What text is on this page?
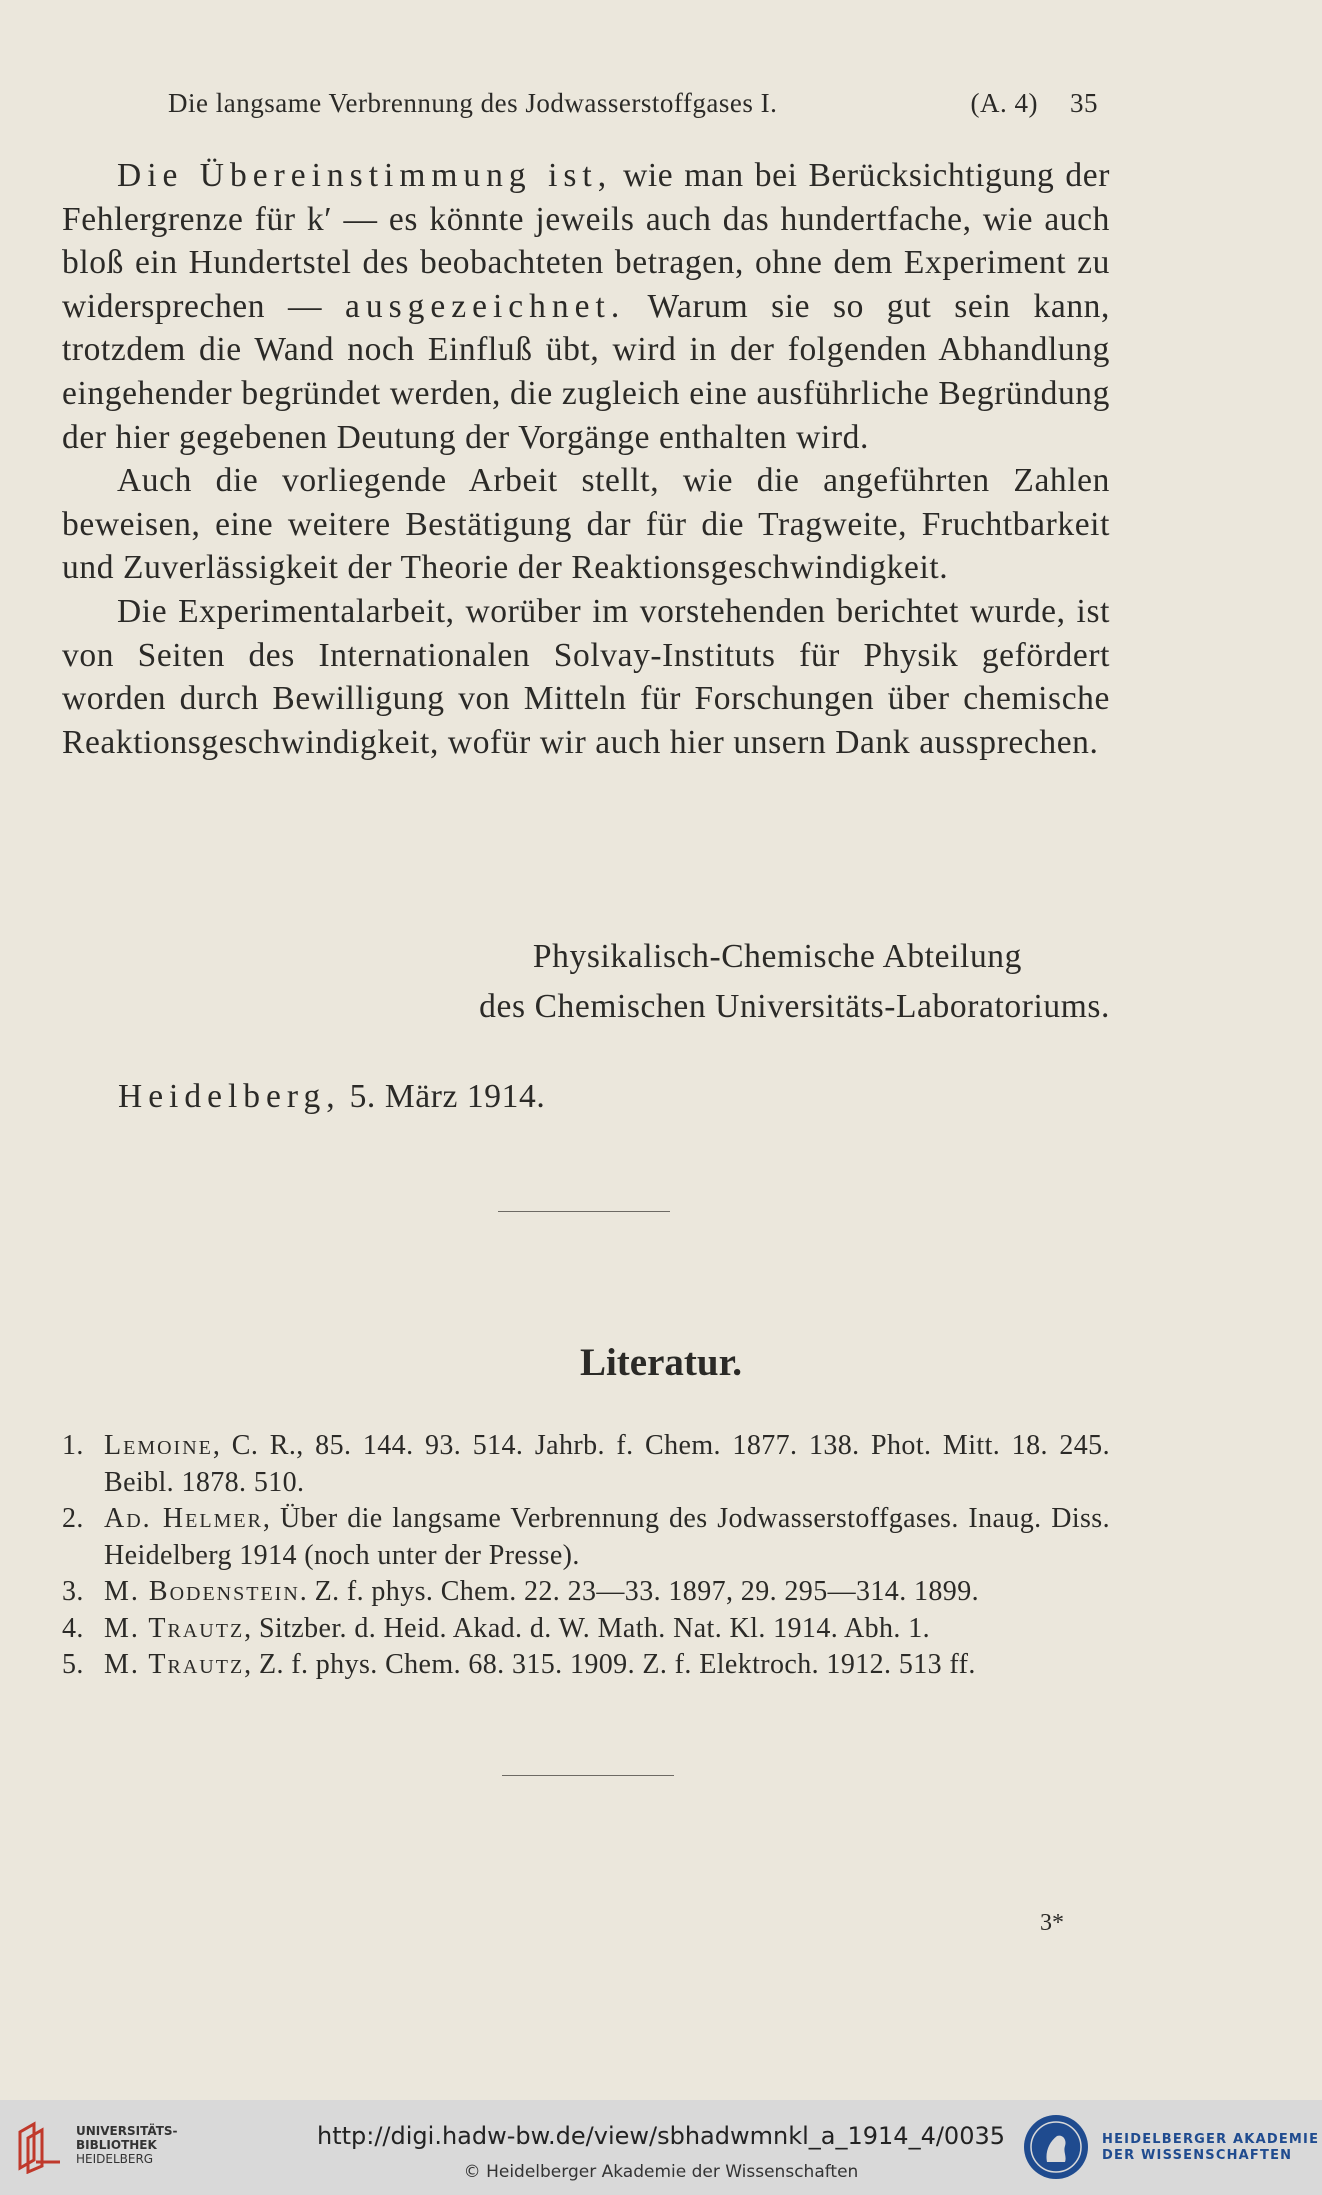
Die langsame Verbrennung des Jodwasserstoffgases I.	(A. 4) 35

Die Übereinstimmung ist, wie man bei Berücksichtigung der Fehlergrenze für k′ — es könnte jeweils auch das hundertfache, wie auch bloß ein Hundertstel des beobachteten betragen, ohne dem Experiment zu widersprechen — ausgezeichnet. Warum sie so gut sein kann, trotzdem die Wand noch Einfluß übt, wird in der folgenden Abhandlung eingehender begründet werden, die zugleich eine ausführliche Begründung der hier gegebenen Deutung der Vorgänge enthalten wird.

Auch die vorliegende Arbeit stellt, wie die angeführten Zahlen beweisen, eine weitere Bestätigung dar für die Tragweite, Fruchtbarkeit und Zuverlässigkeit der Theorie der Reaktionsgeschwindigkeit.

Die Experimentalarbeit, worüber im vorstehenden berichtet wurde, ist von Seiten des Internationalen Solvay-Instituts für Physik gefördert worden durch Bewilligung von Mitteln für Forschungen über chemische Reaktionsgeschwindigkeit, wofür wir auch hier unsern Dank aussprechen.

Physikalisch-Chemische Abteilung
des Chemischen Universitäts-Laboratoriums.
Heidelberg, 5. März 1914.
Literatur.
1. Lemoine, C. R., 85. 144. 93. 514. Jahrb. f. Chem. 1877. 138. Phot. Mitt. 18. 245. Beibl. 1878. 510.
2. Ad. Helmer, Über die langsame Verbrennung des Jodwasserstoffgases. Inaug. Diss. Heidelberg 1914 (noch unter der Presse).
3. M. Bodenstein. Z. f. phys. Chem. 22. 23—33. 1897, 29. 295—314. 1899.
4. M. Trautz, Sitzber. d. Heid. Akad. d. W. Math. Nat. Kl. 1914. Abh. 1.
5. M. Trautz, Z. f. phys. Chem. 68. 315. 1909. Z. f. Elektroch. 1912. 513 ff.
3*
UNIVERSITÄTS-
BIBLIOTHEK
HEIDELBERG
http://digi.hadw-bw.de/view/sbhadwmnkl_a_1914_4/0035
© Heidelberger Akademie der Wissenschaften
HEIDELBERGER AKADEMIE
DER WISSENSCHAFTEN
